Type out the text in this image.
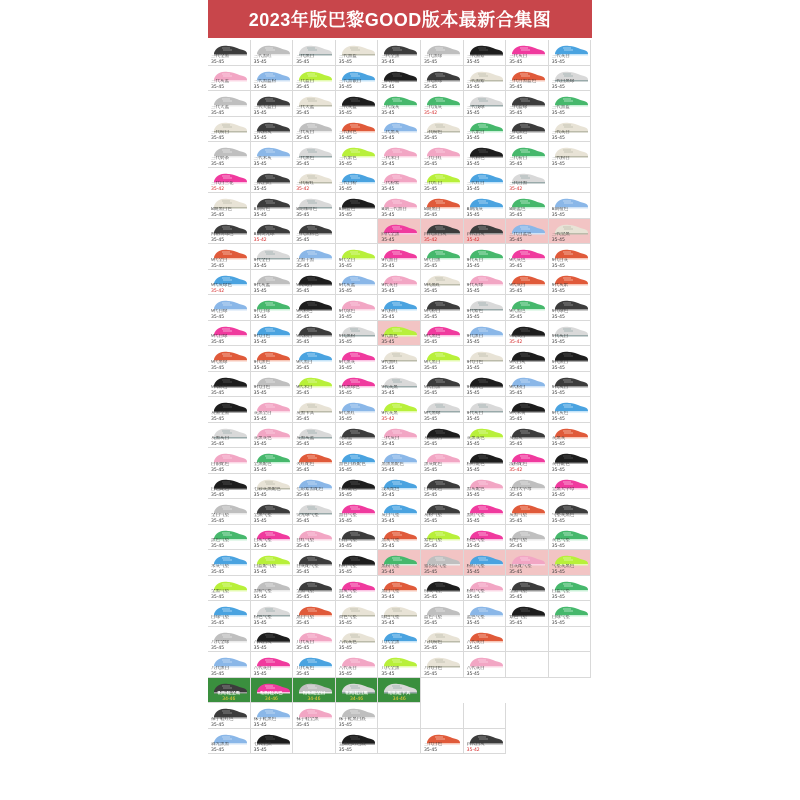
2023年版巴黎GOOD版本最新合集图
三代全黑
35-45
三代黑红
35-45
三代黑白
35-45
三代黑蓝
35-45
三代全黑
35-45
三代黑绿
35-45
三代黑紫
35-45
三代灰白
35-45
三代灰白
35-45
三代灰蓝
35-45
三代黑蓝粉
35-45
三代蓝白
35-45
三代黑银白
35-45
三代白蓝
35-45
三代黑绿
35-45
三代黑紫
35-45
三代白黑蓝色
35-45
三代白黑绿
35-45
三代天蓝
35-45
三代天蓝白
35-45
三代天蓝
35-45
三代灰蓝
35-45
三代浅灰
35-45
三代浅灰
35-42
三代浅绿
35-45
三代蓝绿
35-45
三代黑蓝
35-45
三代粉白
35-45
三代粉灰
35-45
三代灰白
35-45
三代粉色
35-45
二代黑灰
35-45
二代粉色
35-45
三代紫白
35-45
三代黑色
35-45
三代灰白
35-45
三代奶茶
35-45
三代米灰
35-45
三代黑色
35-45
三代紫色
35-45
三代米白
35-45
二代白红
35-45
三代粉色
35-45
三代粉白
35-45
三代粉白
35-45
三代白兰花
35-42
三代白红
35-45
三代粉红
35-42
三代白粉
35-45
三代粉紫
35-45
三代红白
35-45
三代红白
35-45
三代白黑
35-42
8期黑白色
35-45
8期粉色
35-45
8期咖啡色
35-45
8期蓝色
35-45
8期三代黑白
35-45
8期黑白
35-45
8期浅灰
35-45
8期蓝色
35-45
8期橙色
35-45
网格黄绿色
35-45
8期荧光绿
35-42
三代黑粉色
35-45
四代全黑
35-45
四代黑白灰
35-42
四代白灰
35-42
三代白蓝色
35-45
三代全黑
35-45
9代全白
35-45
9代全白
35-45
全黑干黑
35-45
9代全白
35-45
9代黑白
35-45
9代白黑
35-45
9代灰白
35-45
9代灰色
35-45
9代白灰
35-45
9代灰绿色
35-42
9代灰蓝
35-45
9代灰白
35-45
9代灰蓝
35-45
9代灰白
35-45
9代黑红
35-45
9代灰绿
35-45
9代灰白
35-45
9代灰紫
35-45
9代白绿
35-45
9代白绿
35-45
9代粉色
35-45
9代绿色
35-45
9代粉红
35-45
9代粉白
35-45
9代紫色
35-45
9代黑色
35-45
9代绿色
35-45
9代白绿
35-45
9代白色
35-45
9代粉白
35-45
9代黑粉
35-45
9代黑色
35-45
9代黑色
35-45
9代黑白
35-45
9代灰白
35-42
9代灰白
35-45
9代黑绿
35-45
9代黑色
35-45
9代黑白
35-45
9代黑灰
35-45
9代黑红
35-45
9代黑白
35-45
9代白色
35-45
9代白灰
35-45
9代黑白
35-45
9代粉色
35-45
9代白色
35-45
9代米白
35-45
9代黑绿色
35-45
9代灰黑
35-45
9代白黑
35-45
9代白色
35-45
9代粉白
35-45
9代灰白
35-45
灰黑全黑
35-45
灰黑全白
35-45
灰黑卡其
35-45
9代黑红
35-45
9代灰黑
35-42
9代黑绿
35-45
9代灰白
35-45
9代米黄
35-45
9代灰色
35-45
灰黑灰白
35-45
灰黑灰色
35-45
灰黑灰蓝
35-45
灰黑蓝
35-45
三代灰白
35-45
灰黑黑白
35-45
灰黑灰色
35-45
灰黑灰
35-45
灰黑灰
35-45
白银配色
35-45
全黑配色
35-45
火红配色
35-45
黑色白底配色
35-45
黑黑黑配色
35-45
黑灰配色
35-45
粉红配色
35-45
浅粉配色
35-42
灰白配色
35-45
白色配色
35-45
七彩灰黑配色
35-45
七彩紫黑配色
35-45
粉红配色
35-45
浅灰配色
35-45
白灰配色
35-45
黑灰配色
35-45
全白大字母
35-45
全黑大字母
35-45
全白气垫
35-45
全黑气垫
35-45
荧光绿气垫
35-45
黑白气垫
35-45
灰白气垫
35-45
灰粉气垫
35-45
黑红气垫
35-45
灰黑气垫
35-45
气垫灰黑色
35-45
黑色气垫
35-45
白灰气垫
35-45
白红气垫
35-45
粉白气垫
35-45
黑灰气垫
35-45
紫色气垫
35-45
粉色气垫
35-45
粉色气垫
35-45
灰色气垫
35-45
米灰气垫
35-45
白蓝配气垫
35-45
白灰配气垫
35-45
粉红气垫
35-45
黑粉气垫
35-45
猎豹纹气垫
35-45
粉红气垫
35-45
白灰配气垫
35-45
气垫灰黑色
35-45
全黑气垫
35-45
黑粉气垫
35-45
全黑气垫
35-45
黑灰气垫
35-45
黑白气垫
35-45
粉灰气垫
35-45
粉红气垫
35-45
全黑气垫
35-45
白蓝气垫
35-45
白绿气垫
35-45
粉色气垫
35-45
黑白气垫
35-45
黄色气垫
35-45
绿色气垫
35-45
蓝色气垫
35-45
蓝色气垫
35-45
紫色气垫
35-45
白绿气垫
35-45
八代全绿
35-45
八代白灰
35-45
八代灰白
35-45
八代灰色
35-45
八代全黑
35-45
八代粉色
35-45
八代灰白
35-45
八代黑白
35-45
八代灰白
35-45
八代灰色
35-45
八代灰白
35-45
八代全黑
35-45
八代白色
35-45
八代灰白
35-45
帕帕鞋全黑
34-46
帕帕鞋米色
34-46
帕帕鞋全白
34-46
帕帕鞋白黑
34-46
帕帕鞋卡其
34-46
袜子鞋红色
35-45
袜子鞋黑色
35-45
袜子鞋全黑
35-45
袜子鞋黑白底
35-45
森光黑黑
35-45
七代全黑
35-45
全黑色红色底
35-45
三代白色
35-45
四代白灰
35-42
